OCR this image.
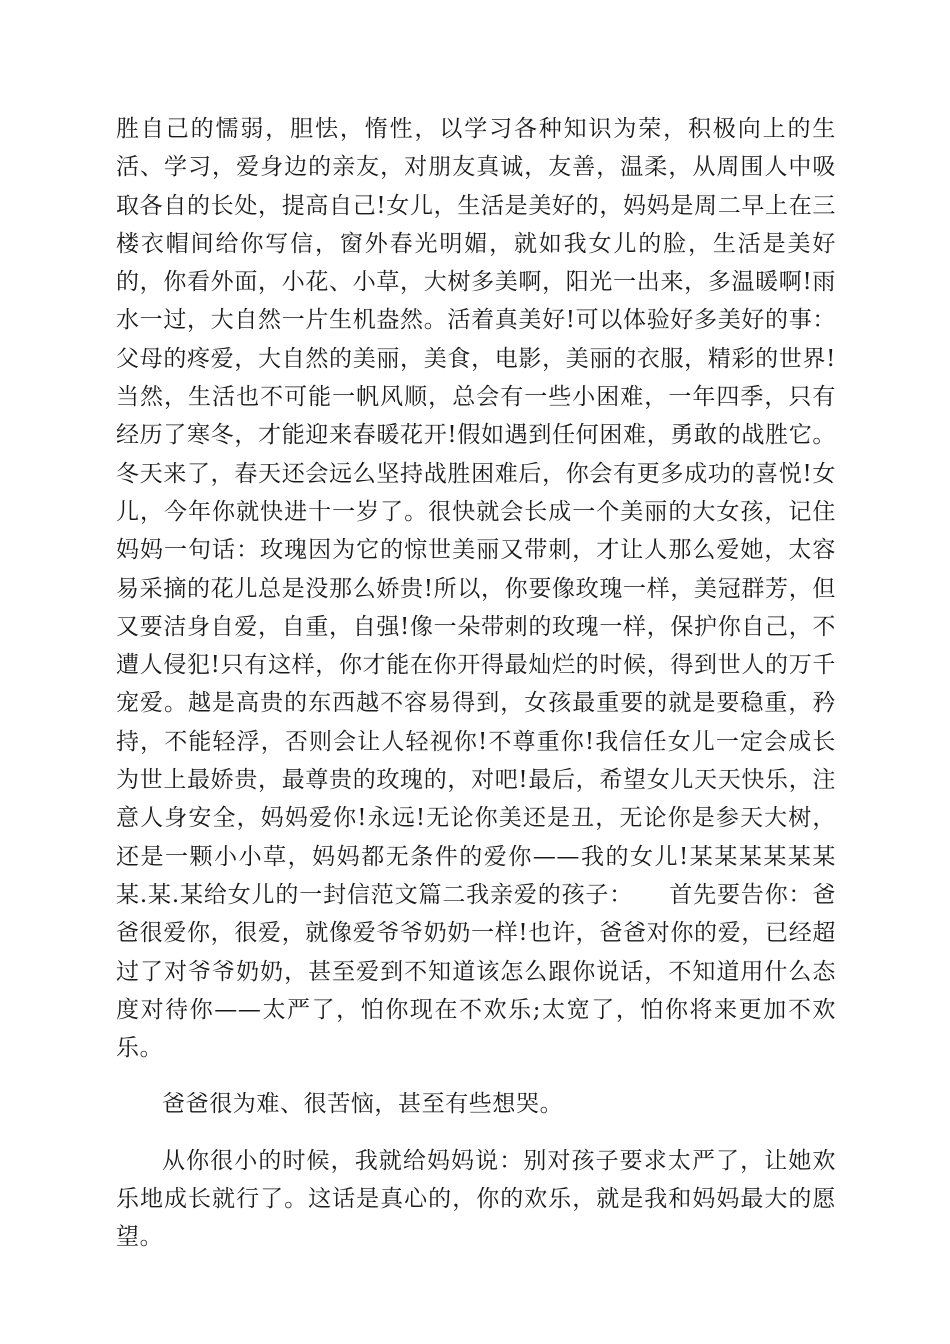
胜自己的懦弱，胆怯，惰性，以学习各种知识为荣，积极向上的生活、学习，爱身边的亲友，对朋友真诚，友善，温柔，从周围人中吸取各自的长处，提高自己!女儿，生活是美好的，妈妈是周二早上在三楼衣帽间给你写信，窗外春光明媚，就如我女儿的脸，生活是美好的，你看外面，小花、小草，大树多美啊，阳光一出来，多温暖啊!雨水一过，大自然一片生机盎然。活着真美好!可以体验好多美好的事：父母的疼爱，大自然的美丽，美食，电影，美丽的衣服，精彩的世界!当然，生活也不可能一帆风顺，总会有一些小困难，一年四季，只有经历了寒冬，才能迎来春暖花开!假如遇到任何困难，勇敢的战胜它。冬天来了，春天还会远么坚持战胜困难后，你会有更多成功的喜悦!女儿，今年你就快进十一岁了。很快就会长成一个美丽的大女孩，记住妈妈一句话：玫瑰因为它的惊世美丽又带刺，才让人那么爱她，太容易采摘的花儿总是没那么娇贵!所以，你要像玫瑰一样，美冠群芳，但又要洁身自爱，自重，自强!像一朵带刺的玫瑰一样，保护你自己，不遭人侵犯!只有这样，你才能在你开得最灿烂的时候，得到世人的万千宠爱。越是高贵的东西越不容易得到，女孩最重要的就是要稳重，矜持，不能轻浮，否则会让人轻视你!不尊重你!我信任女儿一定会成长为世上最娇贵，最尊贵的玫瑰的，对吧!最后，希望女儿天天快乐，注意人身安全，妈妈爱你!永远!无论你美还是丑，无论你是参天大树，还是一颗小小草，妈妈都无条件的爱你——我的女儿!某某某某某某某.某.某给女儿的一封信范文篇二我亲爱的孩子：　　首先要告你：爸爸很爱你，很爱，就像爱爷爷奶奶一样!也许，爸爸对你的爱，已经超过了对爷爷奶奶，甚至爱到不知道该怎么跟你说话，不知道用什么态度对待你——太严了，怕你现在不欢乐;太宽了，怕你将来更加不欢乐。

爸爸很为难、很苦恼，甚至有些想哭。

从你很小的时候，我就给妈妈说：别对孩子要求太严了，让她欢乐地成长就行了。这话是真心的，你的欢乐，就是我和妈妈最大的愿望。
